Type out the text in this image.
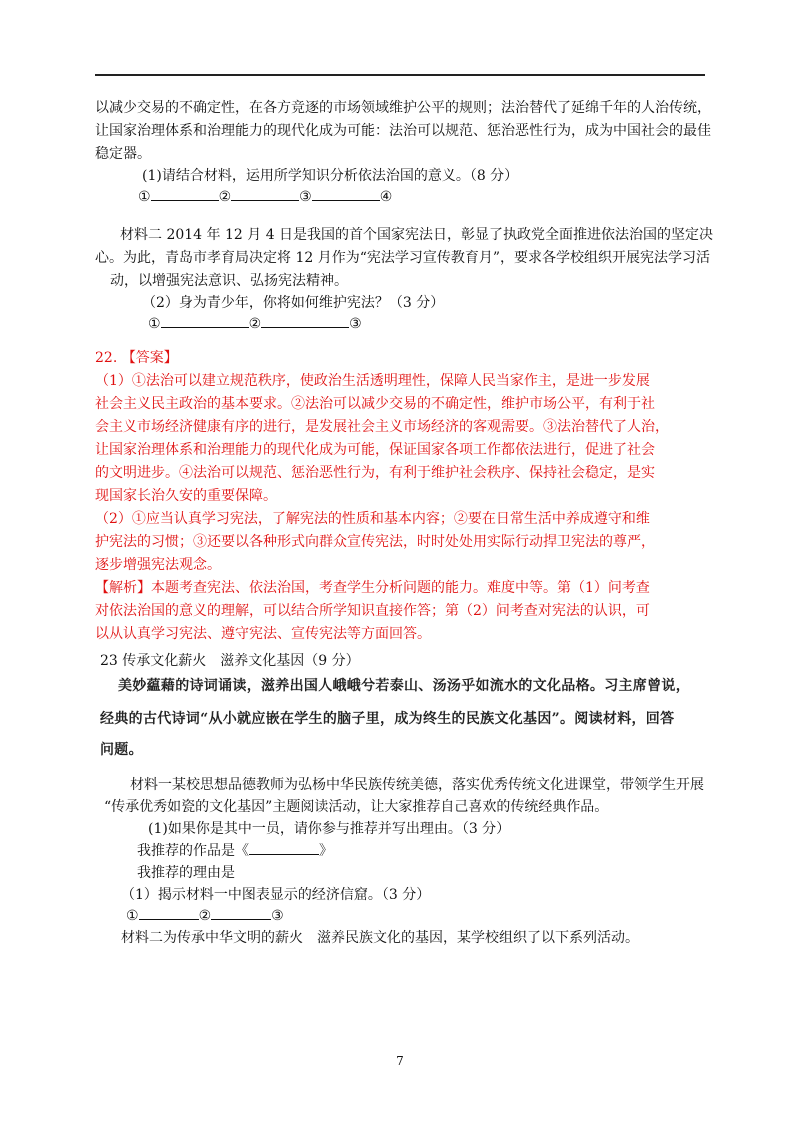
以减少交易的不确定性，在各方竞逐的市场领域维护公平的规则；法治替代了延绵千年的人治传统，
让国家治理体系和治理能力的现代化成为可能：法治可以规范、惩治恶性行为，成为中国社会的最佳
稳定器。
(1)请结合材料，运用所学知识分析依法治国的意义。（8 分）
①	②	③	④
材料二 2014 年 12 月 4 日是我国的首个国家宪法日，彰显了执政党全面推进依法治国的坚定决
心。为此，青岛市孝育局决定将 12 月作为“宪法学习宣传教育月”，要求各学校组织开展宪法学习活
动，以增强宪法意识、弘扬宪法精神。
（2）身为青少年，你将如何维护宪法？（3 分）
①	②	③
22. 【答案】
（1）①法治可以建立规范秩序，使政治生活透明理性，保障人民当家作主，是进一步发展
社会主义民主政治的基本要求。②法治可以减少交易的不确定性，维护市场公平，有利于社
会主义市场经济健康有序的进行，是发展社会主义市场经济的客观需要。③法治替代了人治，
让国家治理体系和治理能力的现代化成为可能，保证国家各项工作都依法进行，促进了社会
的文明进步。④法治可以规范、惩治恶性行为，有利于维护社会秩序、保持社会稳定，是实
现国家长治久安的重要保障。
（2）①应当认真学习宪法，了解宪法的性质和基本内容；②要在日常生活中养成遵守和维
护宪法的习惯；③还要以各种形式向群众宣传宪法，时时处处用实际行动捍卫宪法的尊严，
逐步增强宪法观念。
【解析】本题考查宪法、依法治国，考查学生分析问题的能力。难度中等。第（1）问考查
对依法治国的意义的理解，可以结合所学知识直接作答；第（2）问考查对宪法的认识，可
以从认真学习宪法、遵守宪法、宣传宪法等方面回答。
23 传承文化薪火　滋养文化基因（9 分）
美妙藴藉的诗词诵读，滋养出国人峨峨兮若泰山、汤汤乎如流水的文化品格。习主席曾说，
经典的古代诗词“从小就应嵌在学生的脑子里，成为终生的民族文化基因”。阅读材料，回答
问题。
材料一某校思想品德教师为弘杨中华民族传统美德，落实优秀传统文化进课堂，带领学生开展
“传承优秀如瓷的文化基因”主题阅读活动，让大家推荐自己喜欢的传统经典作品。
(1)如果你是其中一员，请你参与推荐并写出理由。（3 分）
我推荐的作品是《	》
我推荐的理由是
（1）揭示材料一中图表显示的经济信窟。（3 分）
①	②	③
材料二为传承中华文明的薪火　滋养民族文化的基因，某学校组织了以下系列活动。
7
